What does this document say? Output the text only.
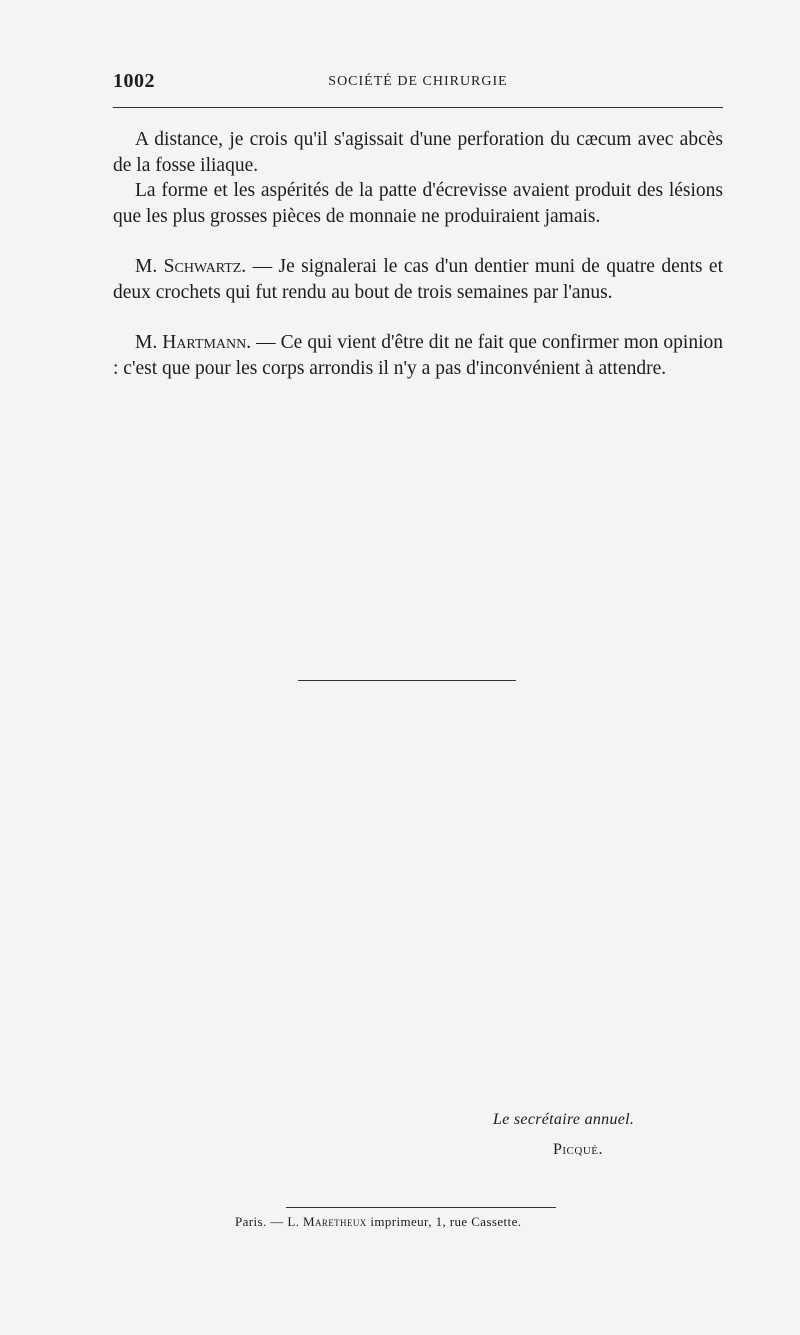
1002	SOCIÉTÉ DE CHIRURGIE

A distance, je crois qu'il s'agissait d'une perforation du cæcum avec abcès de la fosse iliaque.

La forme et les aspérités de la patte d'écrevisse avaient produit des lésions que les plus grosses pièces de monnaie ne produiraient jamais.

M. Schwartz. — Je signalerai le cas d'un dentier muni de quatre dents et deux crochets qui fut rendu au bout de trois semaines par l'anus.

M. Hartmann. — Ce qui vient d'être dit ne fait que confirmer mon opinion : c'est que pour les corps arrondis il n'y a pas d'inconvénient à attendre.

Le secrétaire annuel.
Picqué.
Paris. — L. Maretheux imprimeur, 1, rue Cassette.
